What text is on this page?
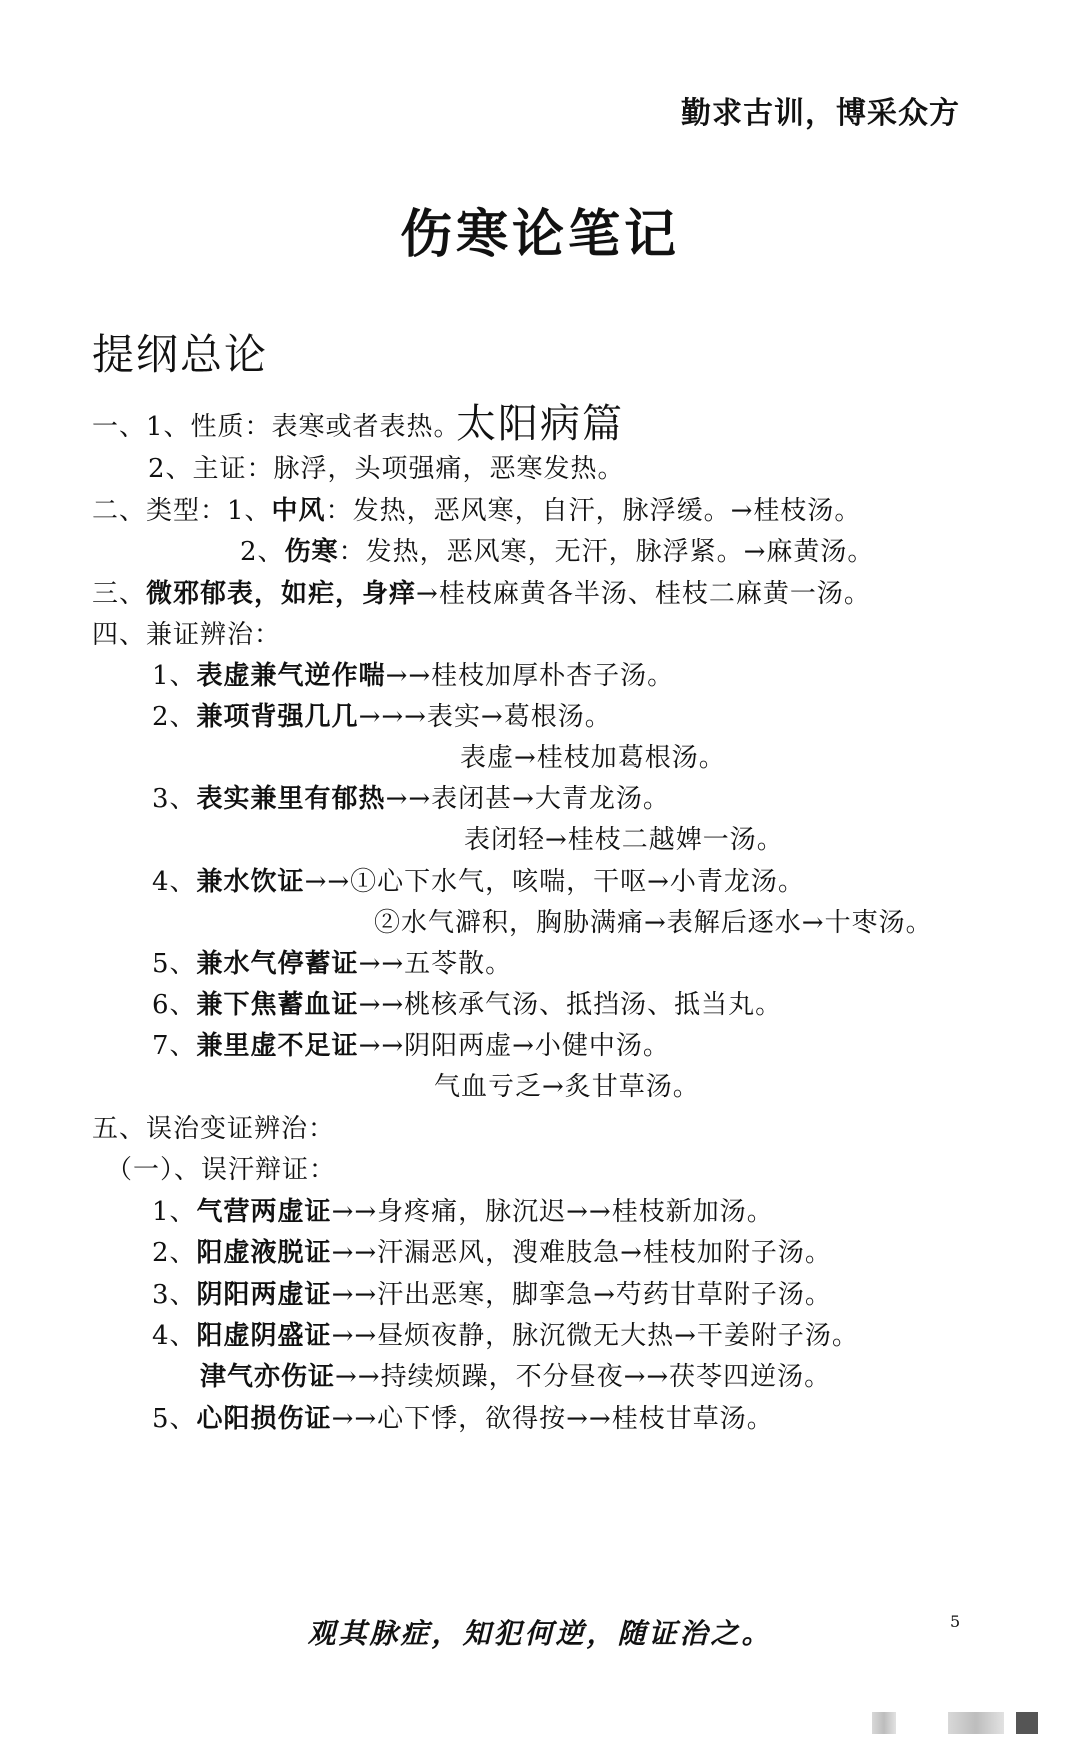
勤求古训，博采众方
伤寒论笔记
提纲总论
太阳病篇
一、1、性质：表寒或者表热。
2、主证：脉浮，头项强痛，恶寒发热。
二、类型：1、中风：发热，恶风寒，自汗，脉浮缓。→桂枝汤。
2、伤寒：发热，恶风寒，无汗，脉浮紧。→麻黄汤。
三、微邪郁表，如疟，身痒→桂枝麻黄各半汤、桂枝二麻黄一汤。
四、兼证辨治：
1、表虚兼气逆作喘→→桂枝加厚朴杏子汤。
2、兼项背强几几→→→表实→葛根汤。
表虚→桂枝加葛根汤。
3、表实兼里有郁热→→表闭甚→大青龙汤。
表闭轻→桂枝二越婢一汤。
4、兼水饮证→→①心下水气，咳喘，干呕→小青龙汤。
②水气澼积，胸胁满痛→表解后逐水→十枣汤。
5、兼水气停蓄证→→五苓散。
6、兼下焦蓄血证→→桃核承气汤、抵挡汤、抵当丸。
7、兼里虚不足证→→阴阳两虚→小健中汤。
气血亏乏→炙甘草汤。
五、误治变证辨治：
（一）、误汗辩证：
1、气营两虚证→→身疼痛，脉沉迟→→桂枝新加汤。
2、阳虚液脱证→→汗漏恶风，溲难肢急→桂枝加附子汤。
3、阴阳两虚证→→汗出恶寒，脚挛急→芍药甘草附子汤。
4、阳虚阴盛证→→昼烦夜静，脉沉微无大热→干姜附子汤。
津气亦伤证→→持续烦躁，不分昼夜→→茯苓四逆汤。
5、心阳损伤证→→心下悸，欲得按→→桂枝甘草汤。
观其脉症，知犯何逆，随证治之。	5
